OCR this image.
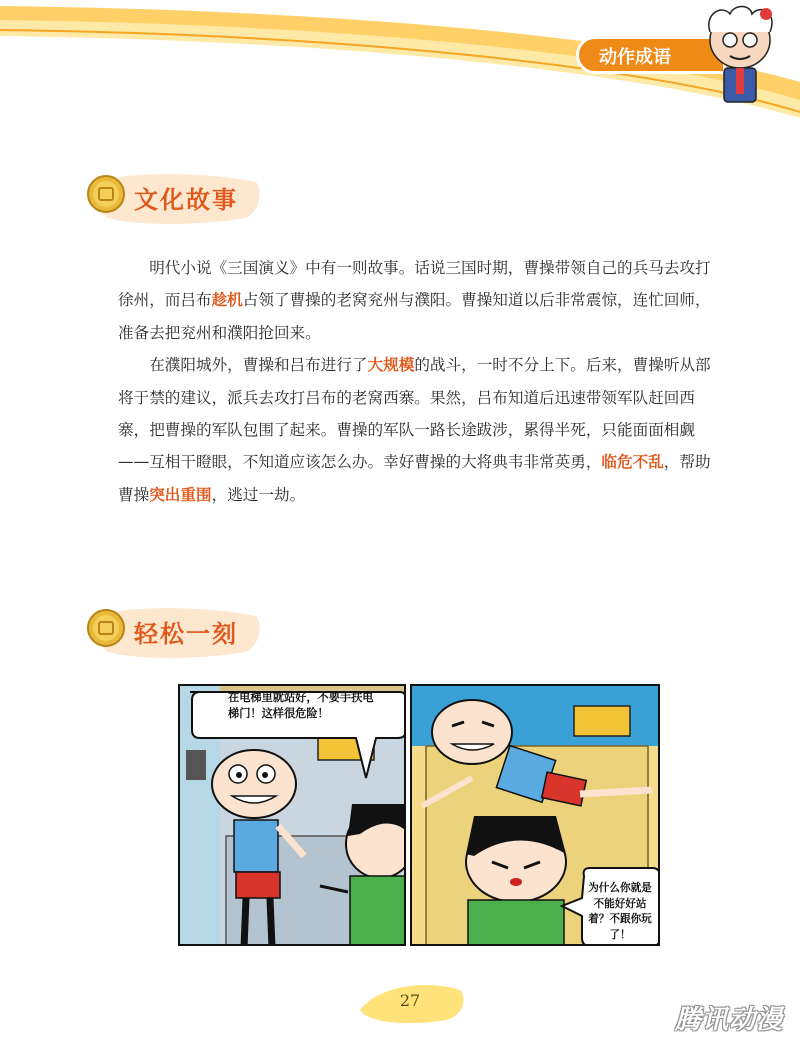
动作成语
文化故事

明代小说《三国演义》中有一则故事。话说三国时期，曹操带领自己的兵马去攻打徐州，而吕布趁机占领了曹操的老窝兖州与濮阳。曹操知道以后非常震惊，连忙回师，准备去把兖州和濮阳抢回来。

在濮阳城外，曹操和吕布进行了大规模的战斗，一时不分上下。后来，曹操听从部将于禁的建议，派兵去攻打吕布的老窝西寨。果然，吕布知道后迅速带领军队赶回西寨，把曹操的军队包围了起来。曹操的军队一路长途跋涉，累得半死，只能面面相觑——互相干瞪眼，不知道应该怎么办。幸好曹操的大将典韦非常英勇，临危不乱，帮助曹操突出重围，逃过一劫。

轻松一刻
在电梯里就站好，不要手扶电梯门！这样很危险！
为什么你就是不能好好站着？不跟你玩了！
27
腾讯动漫
